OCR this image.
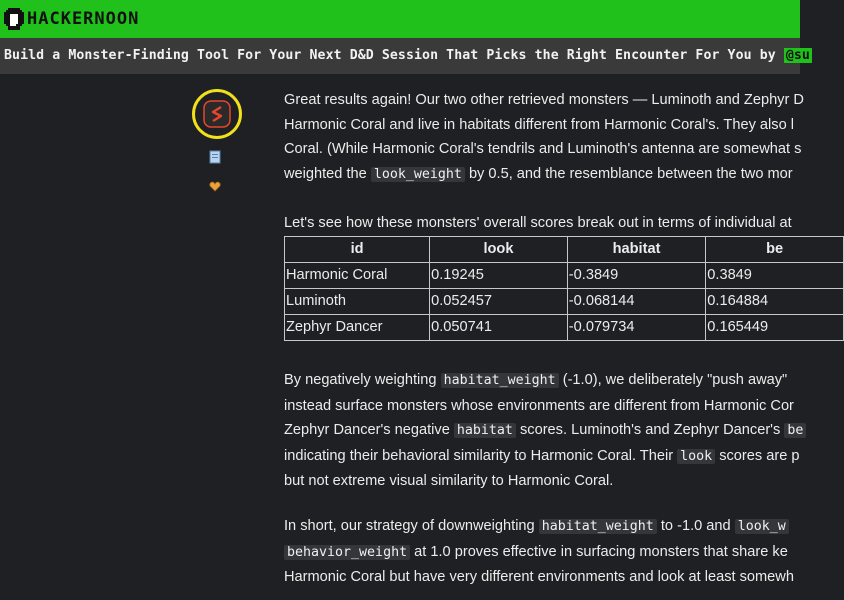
HACKERNOON
Build a Monster-Finding Tool For Your Next D&D Session That Picks the Right Encounter For You by @su

Great results again! Our two other retrieved monsters — Luminoth and Zephyr D

Harmonic Coral and live in habitats different from Harmonic Coral's. They also l

Coral. (While Harmonic Coral's tendrils and Luminoth's antenna are somewhat s

weighted the look_weight by 0.5, and the resemblance between the two mor

Let's see how these monsters' overall scores break out in terms of individual at

id	look	habitat	be
Harmonic Coral	0.19245	-0.3849	0.3849
Luminoth	0.052457	-0.068144	0.164884
Zephyr Dancer	0.050741	-0.079734	0.165449

By negatively weighting habitat_weight (-1.0), we deliberately "push away"

instead surface monsters whose environments are different from Harmonic Cor

Zephyr Dancer's negative habitat scores. Luminoth's and Zephyr Dancer's be

indicating their behavioral similarity to Harmonic Coral. Their look scores are p

but not extreme visual similarity to Harmonic Coral.

In short, our strategy of downweighting habitat_weight to -1.0 and look_w

behavior_weight at 1.0 proves effective in surfacing monsters that share ke

Harmonic Coral but have very different environments and look at least somewh
